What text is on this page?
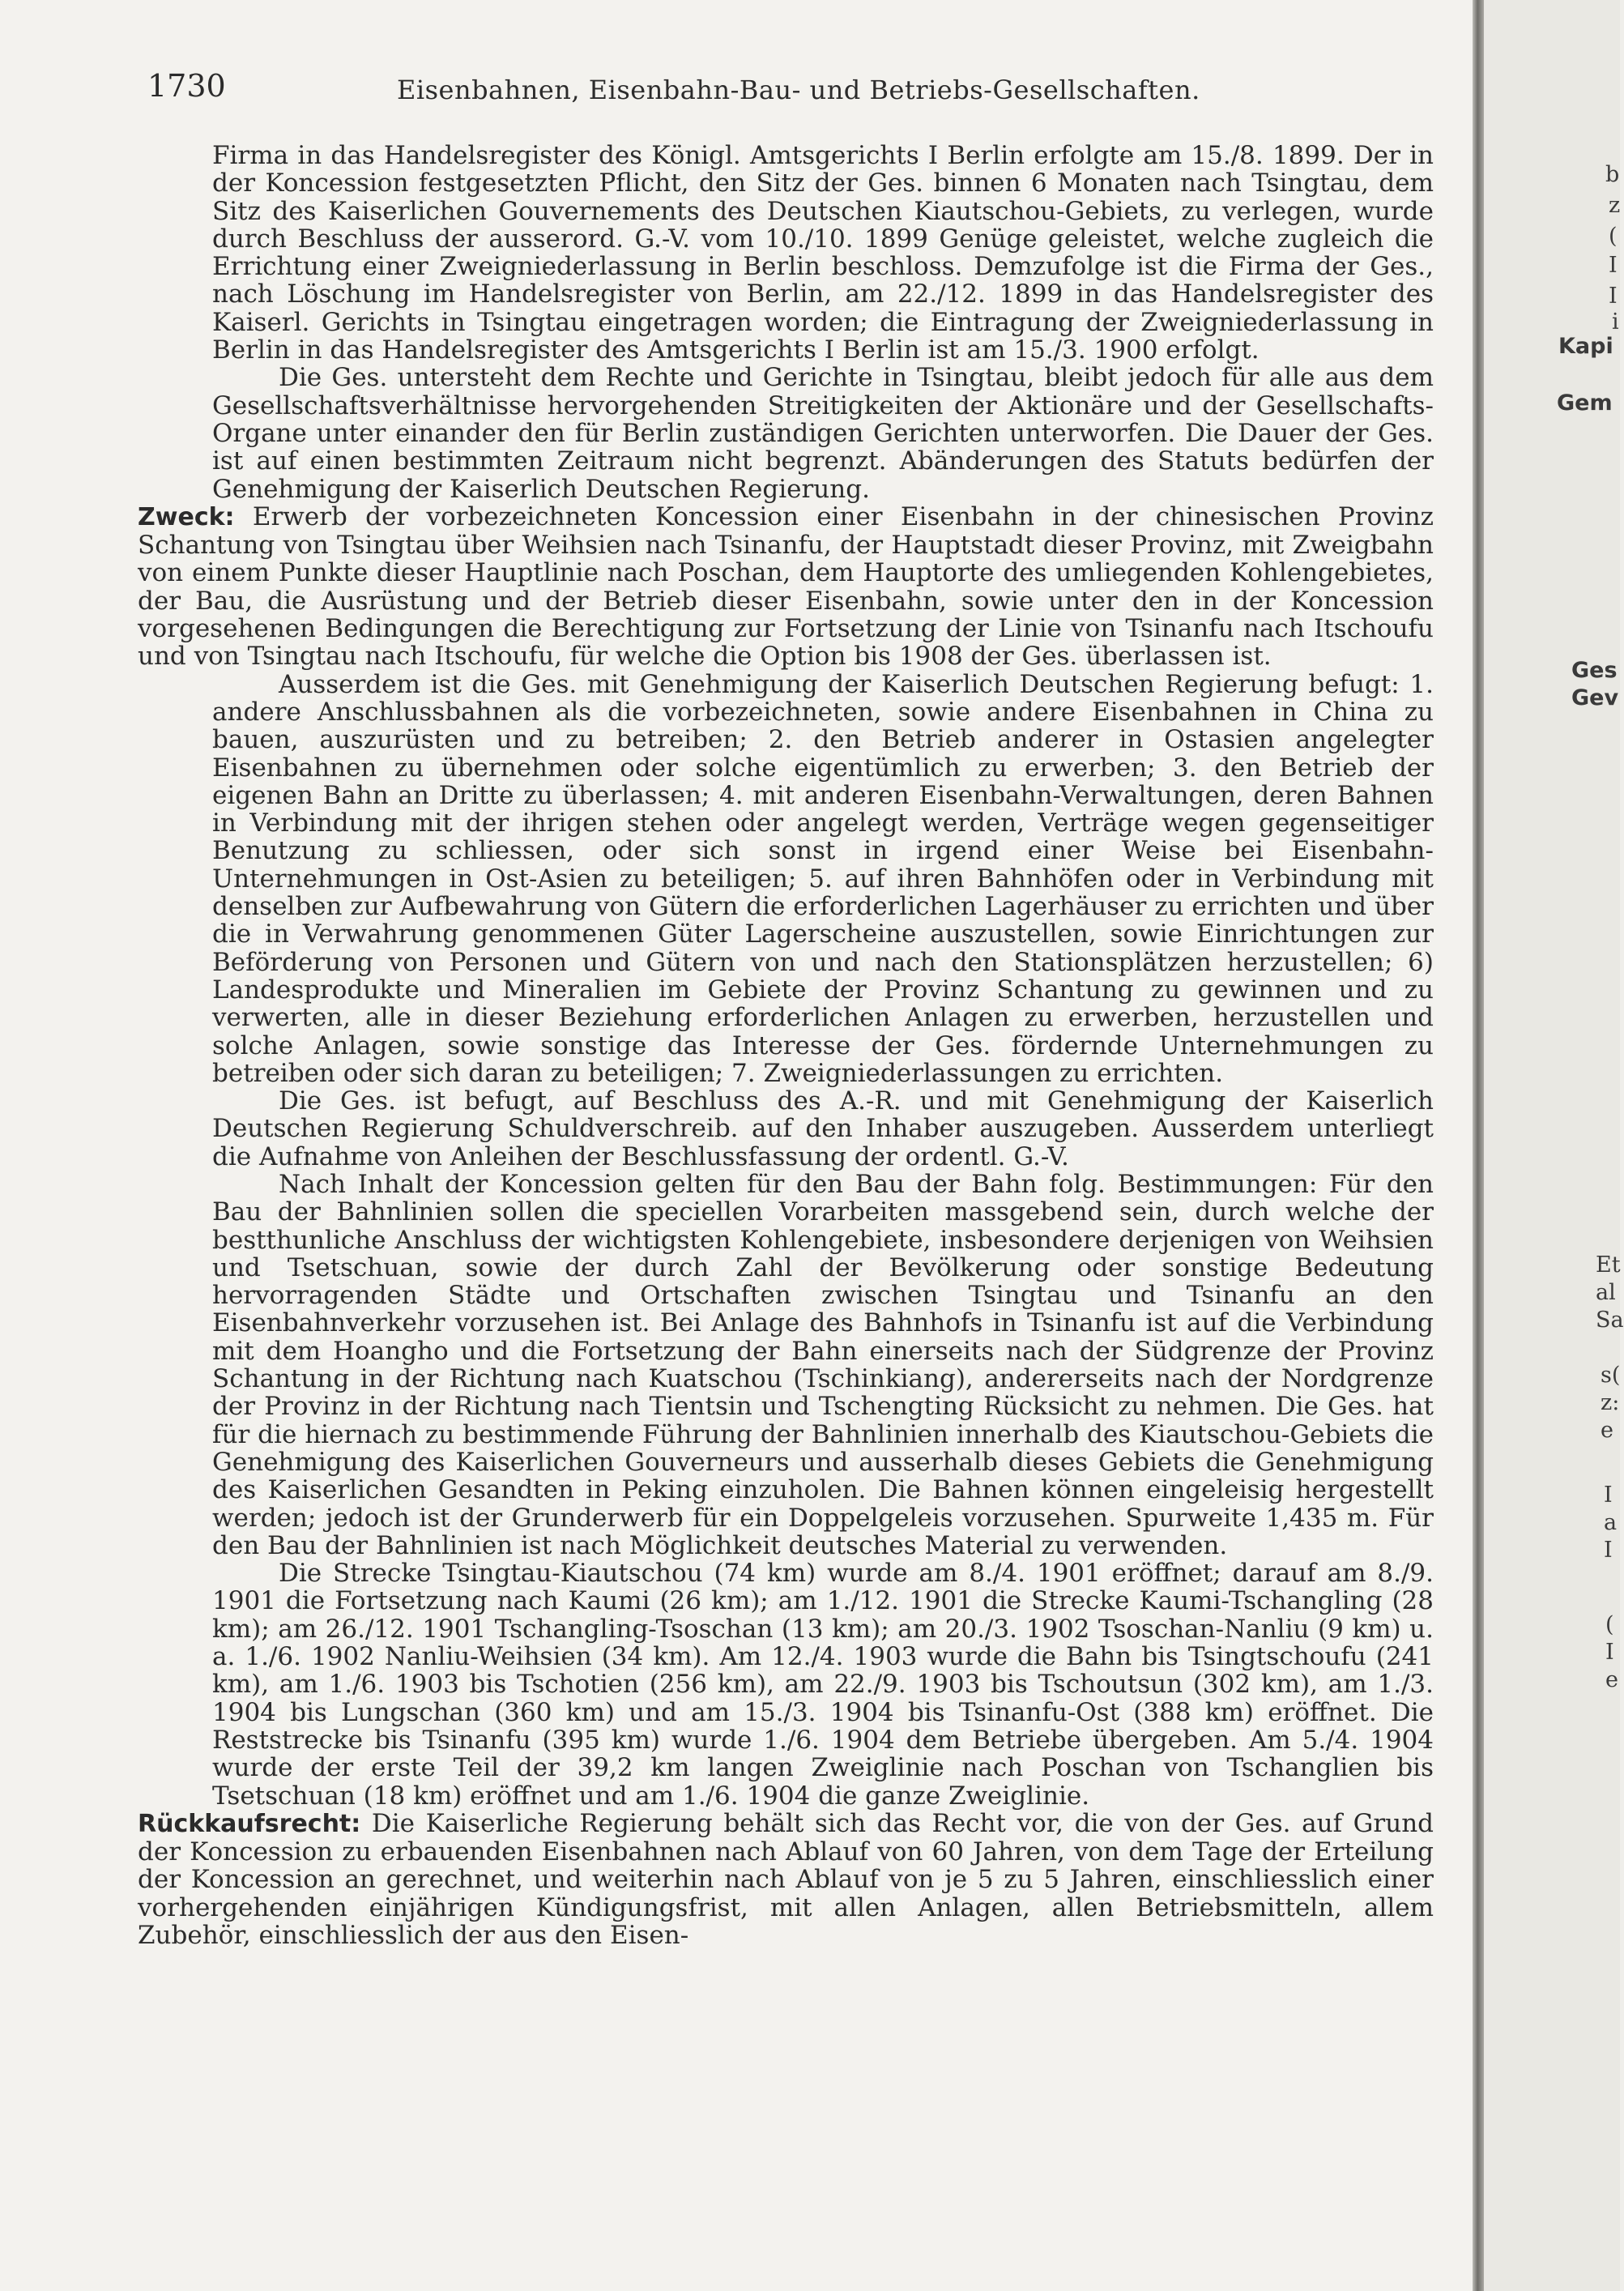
1730	Eisenbahnen, Eisenbahn-Bau- und Betriebs-Gesellschaften.

Firma in das Handelsregister des Königl. Amtsgerichts I Berlin erfolgte am 15./8. 1899. Der in der Koncession festgesetzten Pflicht, den Sitz der Ges. binnen 6 Monaten nach Tsingtau, dem Sitz des Kaiserlichen Gouvernements des Deutschen Kiautschou-Gebiets, zu verlegen, wurde durch Beschluss der ausserord. G.-V. vom 10./10. 1899 Genüge geleistet, welche zugleich die Errichtung einer Zweigniederlassung in Berlin beschloss. Demzufolge ist die Firma der Ges., nach Löschung im Handelsregister von Berlin, am 22./12. 1899 in das Handelsregister des Kaiserl. Gerichts in Tsingtau eingetragen worden; die Eintragung der Zweigniederlassung in Berlin in das Handelsregister des Amtsgerichts I Berlin ist am 15./3. 1900 erfolgt.

Die Ges. untersteht dem Rechte und Gerichte in Tsingtau, bleibt jedoch für alle aus dem Gesellschaftsverhältnisse hervorgehenden Streitigkeiten der Aktionäre und der Gesellschafts-Organe unter einander den für Berlin zuständigen Gerichten unterworfen. Die Dauer der Ges. ist auf einen bestimmten Zeitraum nicht begrenzt. Abänderungen des Statuts bedürfen der Genehmigung der Kaiserlich Deutschen Regierung.

Zweck: Erwerb der vorbezeichneten Koncession einer Eisenbahn in der chinesischen Provinz Schantung von Tsingtau über Weihsien nach Tsinanfu, der Hauptstadt dieser Provinz, mit Zweigbahn von einem Punkte dieser Hauptlinie nach Poschan, dem Hauptorte des umliegenden Kohlengebietes, der Bau, die Ausrüstung und der Betrieb dieser Eisenbahn, sowie unter den in der Koncession vorgesehenen Bedingungen die Berechtigung zur Fortsetzung der Linie von Tsinanfu nach Itschoufu und von Tsingtau nach Itschoufu, für welche die Option bis 1908 der Ges. überlassen ist.

Ausserdem ist die Ges. mit Genehmigung der Kaiserlich Deutschen Regierung befugt: 1. andere Anschlussbahnen als die vorbezeichneten, sowie andere Eisenbahnen in China zu bauen, auszurüsten und zu betreiben; 2. den Betrieb anderer in Ostasien angelegter Eisenbahnen zu übernehmen oder solche eigentümlich zu erwerben; 3. den Betrieb der eigenen Bahn an Dritte zu überlassen; 4. mit anderen Eisenbahn-Verwaltungen, deren Bahnen in Verbindung mit der ihrigen stehen oder angelegt werden, Verträge wegen gegenseitiger Benutzung zu schliessen, oder sich sonst in irgend einer Weise bei Eisenbahn-Unternehmungen in Ost-Asien zu beteiligen; 5. auf ihren Bahnhöfen oder in Verbindung mit denselben zur Aufbewahrung von Gütern die erforderlichen Lagerhäuser zu errichten und über die in Verwahrung genommenen Güter Lagerscheine auszustellen, sowie Einrichtungen zur Beförderung von Personen und Gütern von und nach den Stationsplätzen herzustellen; 6) Landesprodukte und Mineralien im Gebiete der Provinz Schantung zu gewinnen und zu verwerten, alle in dieser Beziehung erforderlichen Anlagen zu erwerben, herzustellen und solche Anlagen, sowie sonstige das Interesse der Ges. fördernde Unternehmungen zu betreiben oder sich daran zu beteiligen; 7. Zweigniederlassungen zu errichten.

Die Ges. ist befugt, auf Beschluss des A.-R. und mit Genehmigung der Kaiserlich Deutschen Regierung Schuldverschreib. auf den Inhaber auszugeben. Ausserdem unterliegt die Aufnahme von Anleihen der Beschlussfassung der ordentl. G.-V.

Nach Inhalt der Koncession gelten für den Bau der Bahn folg. Bestimmungen: Für den Bau der Bahnlinien sollen die speciellen Vorarbeiten massgebend sein, durch welche der bestthunliche Anschluss der wichtigsten Kohlengebiete, insbesondere derjenigen von Weihsien und Tsetschuan, sowie der durch Zahl der Bevölkerung oder sonstige Bedeutung hervorragenden Städte und Ortschaften zwischen Tsingtau und Tsinanfu an den Eisenbahnverkehr vorzusehen ist. Bei Anlage des Bahnhofs in Tsinanfu ist auf die Verbindung mit dem Hoangho und die Fortsetzung der Bahn einerseits nach der Südgrenze der Provinz Schantung in der Richtung nach Kuatschou (Tschinkiang), andererseits nach der Nordgrenze der Provinz in der Richtung nach Tientsin und Tschengting Rücksicht zu nehmen. Die Ges. hat für die hiernach zu bestimmende Führung der Bahnlinien innerhalb des Kiautschou-Gebiets die Genehmigung des Kaiserlichen Gouverneurs und ausserhalb dieses Gebiets die Genehmigung des Kaiserlichen Gesandten in Peking einzuholen. Die Bahnen können eingeleisig hergestellt werden; jedoch ist der Grunderwerb für ein Doppelgeleis vorzusehen. Spurweite 1,435 m. Für den Bau der Bahnlinien ist nach Möglichkeit deutsches Material zu verwenden.

Die Strecke Tsingtau-Kiautschou (74 km) wurde am 8./4. 1901 eröffnet; darauf am 8./9. 1901 die Fortsetzung nach Kaumi (26 km); am 1./12. 1901 die Strecke Kaumi-Tschangling (28 km); am 26./12. 1901 Tschangling-Tsoschan (13 km); am 20./3. 1902 Tsoschan-Nanliu (9 km) u. a. 1./6. 1902 Nanliu-Weihsien (34 km). Am 12./4. 1903 wurde die Bahn bis Tsingtschoufu (241 km), am 1./6. 1903 bis Tschotien (256 km), am 22./9. 1903 bis Tschoutsun (302 km), am 1./3. 1904 bis Lungschan (360 km) und am 15./3. 1904 bis Tsinanfu-Ost (388 km) eröffnet. Die Reststrecke bis Tsinanfu (395 km) wurde 1./6. 1904 dem Betriebe übergeben. Am 5./4. 1904 wurde der erste Teil der 39,2 km langen Zweiglinie nach Poschan von Tschanglien bis Tsetschuan (18 km) eröffnet und am 1./6. 1904 die ganze Zweiglinie.

Rückkaufsrecht: Die Kaiserliche Regierung behält sich das Recht vor, die von der Ges. auf Grund der Koncession zu erbauenden Eisenbahnen nach Ablauf von 60 Jahren, von dem Tage der Erteilung der Koncession an gerechnet, und weiterhin nach Ablauf von je 5 zu 5 Jahren, einschliesslich einer vorhergehenden einjährigen Kündigungsfrist, mit allen Anlagen, allen Betriebsmitteln, allem Zubehör, einschliesslich der aus den Eisen-

b
z
(
I
I
i
Kapi
Gem
Ges
Gev
Et
al
Sa
s(
z:
e
I
a
I
(
I
e
